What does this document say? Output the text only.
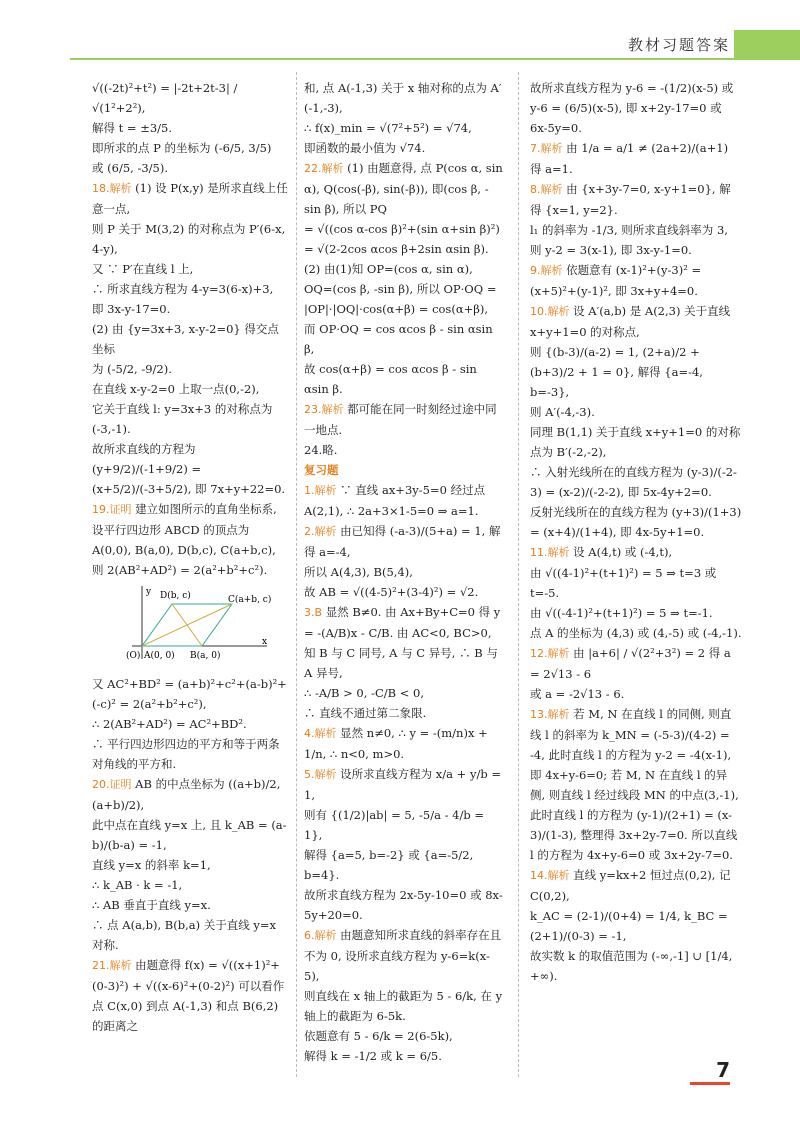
教材习题答案

√((-2t)²+t²) = |-2t+2t-3| / √(1²+2²),

解得 t = ±3/5.

即所求的点 P 的坐标为 (-6/5, 3/5)

或 (6/5, -3/5).

18.解析 (1) 设 P(x,y) 是所求直线上任意一点,

则 P 关于 M(3,2) 的对称点为 P′(6-x, 4-y),

又 ∵ P′在直线 l 上,

∴ 所求直线方程为 4-y=3(6-x)+3,

即 3x-y-17=0.

(2) 由 {y=3x+3, x-y-2=0} 得交点坐标

为 (-5/2, -9/2).

在直线 x-y-2=0 上取一点(0,-2),

它关于直线 l: y=3x+3 的对称点为

(-3,-1).

故所求直线的方程为 (y+9/2)/(-1+9/2) =

(x+5/2)/(-3+5/2), 即 7x+y+22=0.

19.证明 建立如图所示的直角坐标系,

设平行四边形 ABCD 的顶点为 A(0,0), B(a,0), D(b,c), C(a+b,c),

则 2(AB²+AD²) = 2(a²+b²+c²).

D(b, c)	C(a+b, c)
(O) A(0, 0) B(a, 0)
x
y

又 AC²+BD² = (a+b)²+c²+(a-b)²+(-c)² = 2(a²+b²+c²),

∴ 2(AB²+AD²) = AC²+BD².

∴ 平行四边形四边的平方和等于两条对角线的平方和.

20.证明 AB 的中点坐标为 ((a+b)/2, (a+b)/2),

此中点在直线 y=x 上, 且 k_AB = (a-b)/(b-a) = -1,

直线 y=x 的斜率 k=1,

∴ k_AB · k = -1,

∴ AB 垂直于直线 y=x.

∴ 点 A(a,b), B(b,a) 关于直线 y=x 对称.

21.解析 由题意得 f(x) = √((x+1)²+(0-3)²) + √((x-6)²+(0-2)²) 可以看作点 C(x,0) 到点 A(-1,3) 和点 B(6,2) 的距离之

和, 点 A(-1,3) 关于 x 轴对称的点为 A′(-1,-3),

∴ f(x)_min = √(7²+5²) = √74,

即函数的最小值为 √74.

22.解析 (1) 由题意得, 点 P(cos α, sin α), Q(cos(-β), sin(-β)), 即(cos β, -sin β), 所以 PQ

= √((cos α-cos β)²+(sin α+sin β)²)

= √(2-2cos αcos β+2sin αsin β).

(2) 由(1)知 OP=(cos α, sin α), OQ=(cos β, -sin β), 所以 OP·OQ = |OP|·|OQ|·cos(α+β) = cos(α+β),

而 OP·OQ = cos αcos β - sin αsin β,

故 cos(α+β) = cos αcos β - sin αsin β.

23.解析 都可能在同一时刻经过途中同一地点.

24.略.

复习题

1.解析 ∵ 直线 ax+3y-5=0 经过点 A(2,1), ∴ 2a+3×1-5=0 ⇒ a=1.

2.解析 由已知得 (-a-3)/(5+a) = 1, 解得 a=-4,

所以 A(4,3), B(5,4),

故 AB = √((4-5)²+(3-4)²) = √2.

3.B 显然 B≠0. 由 Ax+By+C=0 得 y = -(A/B)x - C/B. 由 AC<0, BC>0, 知 B 与 C 同号, A 与 C 异号, ∴ B 与 A 异号,

∴ -A/B > 0, -C/B < 0,

∴ 直线不通过第二象限.

4.解析 显然 n≠0, ∴ y = -(m/n)x + 1/n, ∴ n<0, m>0.

5.解析 设所求直线方程为 x/a + y/b = 1,

则有 {(1/2)|ab| = 5, -5/a - 4/b = 1},

解得 {a=5, b=-2} 或 {a=-5/2, b=4}.

故所求直线方程为 2x-5y-10=0 或 8x-5y+20=0.

6.解析 由题意知所求直线的斜率存在且不为 0, 设所求直线方程为 y-6=k(x-5),

则直线在 x 轴上的截距为 5 - 6/k, 在 y 轴上的截距为 6-5k.

依题意有 5 - 6/k = 2(6-5k),

解得 k = -1/2 或 k = 6/5.

故所求直线方程为 y-6 = -(1/2)(x-5) 或

y-6 = (6/5)(x-5), 即 x+2y-17=0 或 6x-5y=0.

7.解析 由 1/a = a/1 ≠ (2a+2)/(a+1) 得 a=1.

8.解析 由 {x+3y-7=0, x-y+1=0}, 解得 {x=1, y=2}.

l₁ 的斜率为 -1/3, 则所求直线斜率为 3,

则 y-2 = 3(x-1), 即 3x-y-1=0.

9.解析 依题意有 (x-1)²+(y-3)² = (x+5)²+(y-1)², 即 3x+y+4=0.

10.解析 设 A′(a,b) 是 A(2,3) 关于直线 x+y+1=0 的对称点,

则 {(b-3)/(a-2) = 1, (2+a)/2 + (b+3)/2 + 1 = 0}, 解得 {a=-4, b=-3},

则 A′(-4,-3).

同理 B(1,1) 关于直线 x+y+1=0 的对称点为 B′(-2,-2),

∴ 入射光线所在的直线方程为 (y-3)/(-2-3) = (x-2)/(-2-2), 即 5x-4y+2=0.

反射光线所在的直线方程为 (y+3)/(1+3) = (x+4)/(1+4), 即 4x-5y+1=0.

11.解析 设 A(4,t) 或 (-4,t),

由 √((4-1)²+(t+1)²) = 5 ⇒ t=3 或 t=-5.

由 √((-4-1)²+(t+1)²) = 5 ⇒ t=-1.

点 A 的坐标为 (4,3) 或 (4,-5) 或 (-4,-1).

12.解析 由 |a+6| / √(2²+3²) = 2 得 a = 2√13 - 6

或 a = -2√13 - 6.

13.解析 若 M, N 在直线 l 的同侧, 则直线 l 的斜率为 k_MN = (-5-3)/(4-2) = -4, 此时直线 l 的方程为 y-2 = -4(x-1), 即 4x+y-6=0; 若 M, N 在直线 l 的异侧, 则直线 l 经过线段 MN 的中点(3,-1), 此时直线 l 的方程为 (y-1)/(2+1) = (x-3)/(1-3), 整理得 3x+2y-7=0. 所以直线 l 的方程为 4x+y-6=0 或 3x+2y-7=0.

14.解析 直线 y=kx+2 恒过点(0,2), 记 C(0,2),

k_AC = (2-1)/(0+4) = 1/4, k_BC = (2+1)/(0-3) = -1,

故实数 k 的取值范围为 (-∞,-1] ∪ [1/4, +∞).

7
